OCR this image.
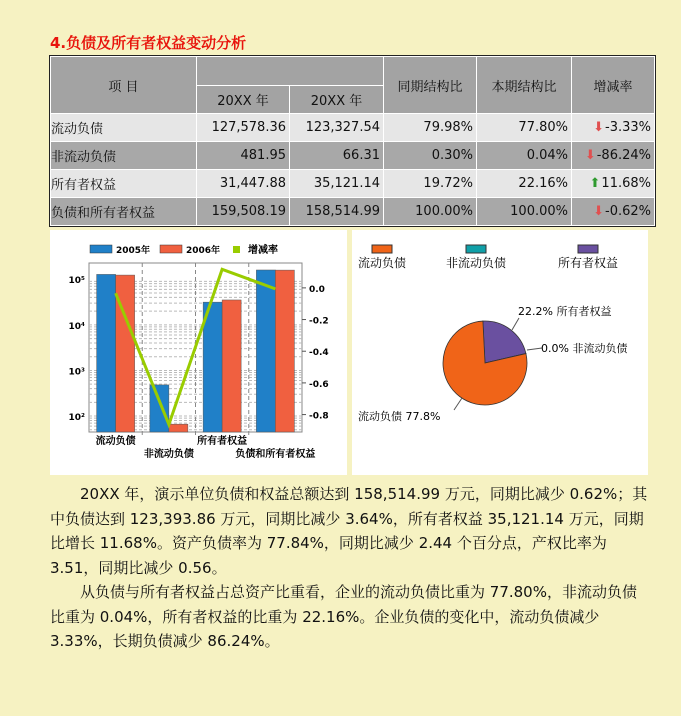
4.负债及所有者权益变动分析
项 目			同期结构比	本期结构比	增减率
	20XX 年	20XX 年			
流动负债	127,578.36	123,327.54	79.98%	77.80%	⬇-3.33%
非流动负债	481.95	66.31	0.30%	0.04%	⬇-86.24%
所有者权益	31,447.88	35,121.14	19.72%	22.16%	⬆11.68%
负债和所有者权益	159,508.19	158,514.99	100.00%	100.00%	⬇-0.62%
流动负债
非流动负债
所有者权益
负债和所有者权益
10⁵
10⁴
10³
10²
0.0
-0.2
-0.4
-0.6
-0.8
2005年	2006年	增减率
流动负债	非流动负债	所有者权益
22.2% 所有者权益
0.0% 非流动负债
流动负债 77.8%

20XX 年，演示单位负债和权益总额达到 158,514.99 万元，同期比减少 0.62%；其中负债达到 123,393.86 万元，同期比减少 3.64%，所有者权益 35,121.14 万元，同期比增长 11.68%。资产负债率为 77.84%，同期比减少 2.44 个百分点，产权比率为 3.51，同期比减少 0.56。

从负债与所有者权益占总资产比重看，企业的流动负债比重为 77.80%，非流动负债比重为 0.04%，所有者权益的比重为 22.16%。企业负债的变化中，流动负债减少 3.33%，长期负债减少 86.24%。
